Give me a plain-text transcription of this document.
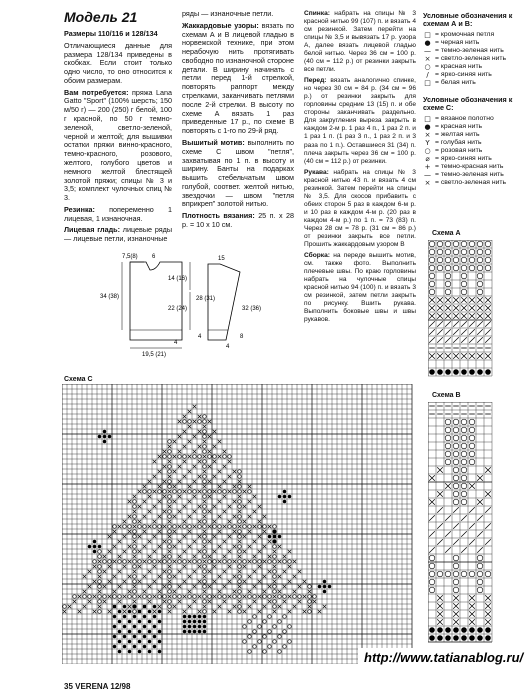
Модель 21

Размеры 110/116 и 128/134

Отличающиеся данные для размера 128/134 приведены в скобках. Если стоит только одно число, то оно относится к обоим размерам.

Вам потребуется: пряжа Lana Gatto "Sport" (100% шерсть; 150 м/50 г) — 200 (250) г белой, 100 г красной, по 50 г темно-зеленой, светло-зеленой, черной и желтой; для вышивки остатки пряжи винно-красного, темно-красного, розового, желтого, голубого цветов и немного желтой блестящей золотой пряжи; спицы № 3 и 3,5; комплект чулочных спиц № 3.

Резинка: попеременно 1 лицевая, 1 изнаночная.

Лицевая гладь: лицевые ряды — лицевые петли, изнаночные

ряды — изнаночные петли.

Жаккардовые узоры: вязать по схемам А и В лицевой гладью в норвежской технике, при этом нерабочую нить протягивать свободно по изнаночной стороне детали. В ширину начинать с петли перед 1-й стрелкой, повторять раппорт между стрелками, заканчивать петлями после 2-й стрелки. В высоту по схеме А вязать 1 раз приведенные 17 р., по схеме В повторять с 1-го по 29-й ряд.

Вышитый мотив: выполнить по схеме С швом "петля", захватывая по 1 п. в высоту и ширину. Банты на подарках вышить стебельчатым швом голубой, соответ. желтой нитью, звездочки — швом "петля вприкреп" золотой нитью.

Плотность вязания: 25 п. x 28 р. = 10 x 10 см.

Спинка: набрать на спицы № 3 красной нитью 99 (107) п. и вязать 4 см резинкой. Затем перейти на спицы № 3,5 и вывязать 17 р. узора А, далее вязать лицевой гладью белой нитью. Через 36 см = 100 р. (40 см = 112 р.) от резинки закрыть все петли.

Перед: вязать аналогично спинке, но через 30 см = 84 р. (34 см = 96 р.) от резинки закрыть для горловины средние 13 (15) п. и обе стороны заканчивать раздельно. Для закругления выреза закрыть в каждом 2-м р. 1 раз 4 п., 1 раз 2 п. и 1 раз 1 п. (1 раз 3 п., 1 раз 2 п. и 3 раза по 1 п.). Оставшиеся 31 (34) п. плеча закрыть через 36 см = 100 р. (40 см = 112 р.) от резинки.

Рукава: набрать на спицы № 3 красной нитью 43 п. и вязать 4 см резинкой. Затем перейти на спицы № 3,5. Для скосов прибавить с обеих сторон 5 раз в каждом 6-м р. и 10 раз в каждом 4-м р. (20 раз в каждом 4-м р.) по 1 п. = 73 (83) п. Через 28 см = 78 р. (31 см = 86 р.) от резинки закрыть все петли. Прошить жаккардовым узором В

Сборка: на переде вышить мотив, см. также фото. Выполнить плечевые швы. По краю горловины набрать на чулочные спицы красной нитью 94 (100) п. и вязать 3 см резинкой, затем петли закрыть по рисунку. Вшить рукава. Выполнить боковые швы и швы рукавов.

Условные обозначения к схемам А и В:
□ = кромочная петля
● = черная нить
— = темно-зеленая нить
× = светло-зеленая нить
○ = красная нить
/ = ярко-синяя нить
□ = белая нить
Условные обозначения к схеме С:
□ = вязаное полотно
● = красная нить
× = желтая нить
Y = голубая нить
○ = розовая нить
⌀ = ярко-синяя нить
+ = темно-красная нить
— = темно-зеленая нить
× = светло-зеленая нить
7,5(8) 6
14 (16)
22 (24)
34 (38)
19,5 (21)
4
15
28 (31)
32 (36)
8
4
4
Схема А
Схема В
Схема С
35 VERENA 12/98
http://www.tatianablog.ru/
